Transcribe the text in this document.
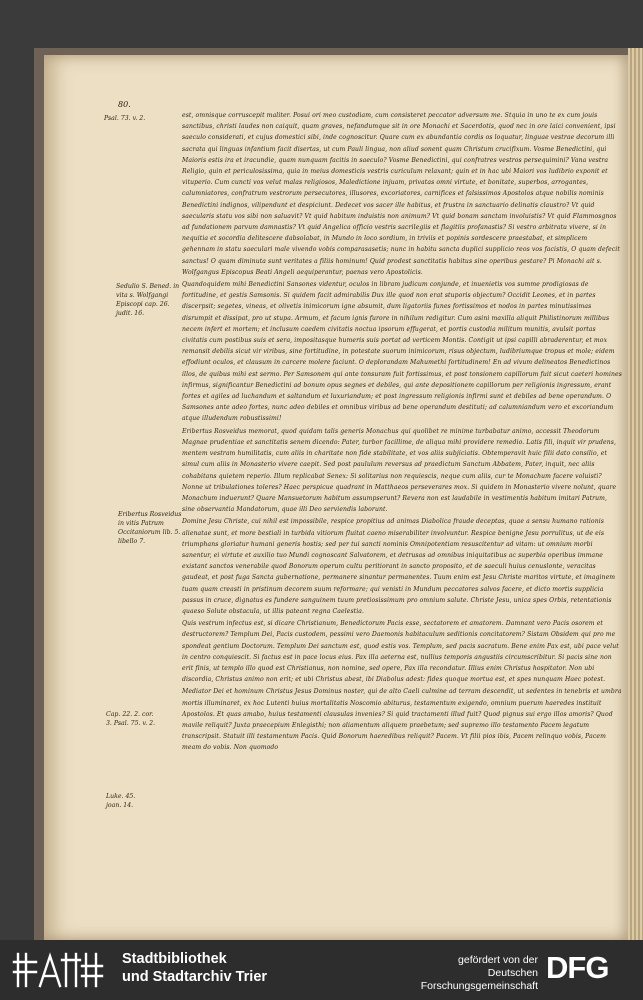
80.
Psal. 73. v. 2.
Sedulio S. Bened. in vita s. Wolfgangi Episcopi cap. 26. judit. 16.
Eribertus Rosveidus in vitis Patrum Occitaniorum lib. 5. libello 7.
Cap. 22. 2. cor. 3. Psal. 75. v. 2.
Luke. 45. joan. 14.

est, omnisque corruscepit maliter. Posui ori meo custodiam, cum consisteret peccator adversum me. Stquia in uno te ex cum jouis sanctibus, christi laudes non caiquit, quam graves, nefandumque sit in ore Monachi et Sacerdotis, quod nec in ore laici convenient, ipsi saeculo considerati, et cujus domestici sibi, inde cognoscitur. Quare cum ex abundantia cordis os loquatur, linguae vestrae decorum illi sacrata qui linguas infantium facit disertas, ut cum Pauli lingua, non aliud sonent quam Christum crucifixum. Vosme Benedictini, qui Maioris estis ira et iracundie, quam nunquam facitis in saeculo? Vosme Benedictini, qui confratres vestros persequimini? Vana vestra Religio, quin et periculosissima, quia in meius domesticis vestris curiculum relaxant; quin et in hac ubi Maiori vos ludibrio exponit et vituperio. Cum cuncti vos velut malas religiosos, Maledictione injuam, privatas omni virtute, et bonitate, superbos, arrogantes, calumniatores, confratrum vestrorum persecutores, illusores, excoriatores, carnifices et falsissimos Apostolos atque nobilis nominis Benedictini indignos, vilipendunt et despiciunt. Dedecet vos sacer ille habitus, et frustra in sanctuario delinatis claustro? Vt quid saecularis statu vos sibi non saluavit? Vt quid habitum induistis non animum? Vt quid bonam sanctam involuistis? Vt quid Flammosgnos ad fundationem parvum damnastis? Vt quid Angelica officio vestris sacrilegiis et flagitiis profanastis? Si vestro arbitratu vivere, si in nequitia et socordia delitescere dabsolabat, in Mundo in loco sordium, in triviis et popinis sordescere praestabat, et simplicem gehennam in statu saeculari male vivendo vobis comparasasetis; nunc in habitu sancta duplici supplicio reos vos facistis, O quam defecit sanctus! O quam diminuta sunt veritates a filiis hominum! Quid prodest sanctitatis habitus sine operibus gestare? Pi Monachi ait s. Wolfgangus Episcopus Beati Angeli aequiperantur, paenas vero Apostolicis.

Quandoquidem mihi Benedictini Sansones videntur, oculos in libram judicum conjunde, et inuenietis vos summe prodigiosas de fortitudine, et gestis Samsonis. Si quidem facit admirabilis Dux ille quod non erat stuporis objectum? Occidit Leones, et in partes discerpsit; segetes, vineas, et olivetis inimicorum igne absumit, dum ligatoriis funes fortissimos et nodos in partes minutissimas disrumpit et dissipat, pro ut stupa. Armum, et facum ignis furore in nihilum redigitur. Cum asini maxilla aliquit Philistinorum millibus necem infert et mortem; et inclusum caedem civitatis noctua ipsorum effugerat, et portis custodia militum munitis, avulsit portas civitatis cum postibus suis et sera, impositasque humeris suis portat ad verticem Montis. Contigit ut ipsi capilli abraderentur, et mox remansit debilis sicut vir viribus, sine fortitudine, in potestate suorum inimicorum, risus objectum, ludibriumque tropus et mole; eidem effodiunt oculos, et clausum in carcere molere faciunt. O deplorandam Mahumethi fortitudinem! En ad vivum delineatos Benedictinos illos, de quibus mihi est sermo. Per Samsonem qui ante tonsuram fuit fortissimus, et post tonsionem capillorum fuit sicut caeteri homines infirmus, significantur Benedictini ad bonum opus segnes et debiles, qui ante depositionem capillorum per religionis ingressum, erant fortes et agiles ad luchandum et saltandum et luxuriandum; et post ingressum religionis infirmi sunt et debiles ad bene operandum. O Samsones ante adeo fortes, nunc adeo debiles et omnibus viribus ad bene operandum destituti; ad calumniandum vero et excoriandum atque illudendum robustissimi!

Eribertus Rosveidus memorat, quod quidam talis generis Monachus qui quolibet re minime turbabatur animo, accessit Theodorum Magnae prudentiae et sanctitatis senem dicendo: Pater, turbor facillime, de aliqua mihi providere remedio. Latis fili, inquit vir prudens, mentem vestram humilitatis, cum aliis in charitate non fide stabilitate, et vos aliis subjiciatis. Obtemperavit huic filii dato consilio, et simul cum aliis in Monasterio vivere caepit. Sed post paululum reversus ad praedictum Sanctum Abbatem, Pater, inquit, nec aliis cohabitans quietem reperio. Illum replicabat Senex: Si solitarius non requiescis, neque cum aliis, cur te Monachum facere voluisti? Nonne ut tribulationes toleres? Haec perspicue quadrant in Matthaeos perseverares mox. Si quidem in Monasterio vivere nolunt, quare Monachum induerunt? Quare Mansuetorum habitum assumpserunt? Revera non est laudabile in vestimentis habitum imitari Patrum, sine observantia Mandatorum, quae illi Deo serviendis laborunt.

Domine Jesu Christe, cui nihil est impossibile, respice propitius ad animas Diabolica fraude deceptas, quae a sensu humano rationis alienatae sunt, et more bestiali in turbida vitiorum fluitat caeno miserabiliter involvuntur. Respice benigne Jesu porrulitus, ut de eis triumphans gloriatur humani generis hostis; sed per tui sancti nominis Omnipotentiam resuscitentur ad vitam: ut omnium morbi sanentur, ei virtute et auxilio tuo Mundi cognoscant Salvatorem, et detrusas ad omnibus iniquitatibus ac superbia operibus immane existant sanctos venerabile quod Bonorum operum cultu peritiorant in sancto proposito, et de saeculi huius cenuslonte, veracitas gaudeat, et post fuga Sancta gubernatione, permanere sinantur permanentes. Tuum enim est Jesu Christe maritos virtute, et imaginem tuam quam creasti in pristinum decorem suum reformare; qui venisti in Mundum peccatores salvos facere, et dicto mortis supplicia passus in cruce, dignatus es fundere sanguinem tuum pretiosissimum pro omnium salute. Christe Jesu, unica spes Orbis, retentationis quaeso Solute obstacula, ut illis pateant regna Caelestia.

Quis vestrum infectus est, si dicare Christianum, Benedictorum Pacis esse, sectatorem et amatorem. Damnant vero Pacis osorem et destructorem? Templum Dei, Pacis custodem, pessimi vero Daemonis habitaculum seditionis concitatorem? Sistam Obsidem qui pro me spondeat gentium Doctorum. Templum Dei sanctum est, quod estis vos. Templum, sed pacis sacratum. Bene enim Pax est, ubi pace velut in centro conquiescit. Si factus est in pace locus eius. Pax illa aeterna est, nullius temporis angustiis circumscribitur. Si pacis sine non erit finis, ut templo illo quod est Christianus, non nomine, sed opere, Pax illa recondatur. Illius enim Christus hospitator. Non ubi discordia, Christus animo non erit; et ubi Christus abest, ibi Diabolus adest: fides quoque mortua est, et spes nunquam Haec potest.

Mediator Dei et hominum Christus Jesus Dominus noster, qui de alto Caeli culmine ad terram descendit, ut sedentes in tenebris et umbra mortis illuminaret, ex hoc Lutenti huius mortalitatis Noscomio abiturus, testamentum exigendo, omnium puerum haeredes instituit Apostolos. Et quas amabo, huius testamenti clausulas invenies? Si quid tractamenti illud fuit? Quod pignus sui ergo illos amoris? Quod mavile reliquit? Juxta praecepium Enlegisthi; non aliamentum aliquem praebetum; sed supremo illo testamento Pacem legatum transcripsit. Statuit illi testamentum Pacis. Quid Bonorum haeredibus reliquit? Pacem. Vt filii pios ibis, Pacem relinquo vobis, Pacem meam do vobis. Non quomodo

Stadtbibliothek
und Stadtarchiv Trier
gefördert von der
Deutschen Forschungsgemeinschaft
DFG
